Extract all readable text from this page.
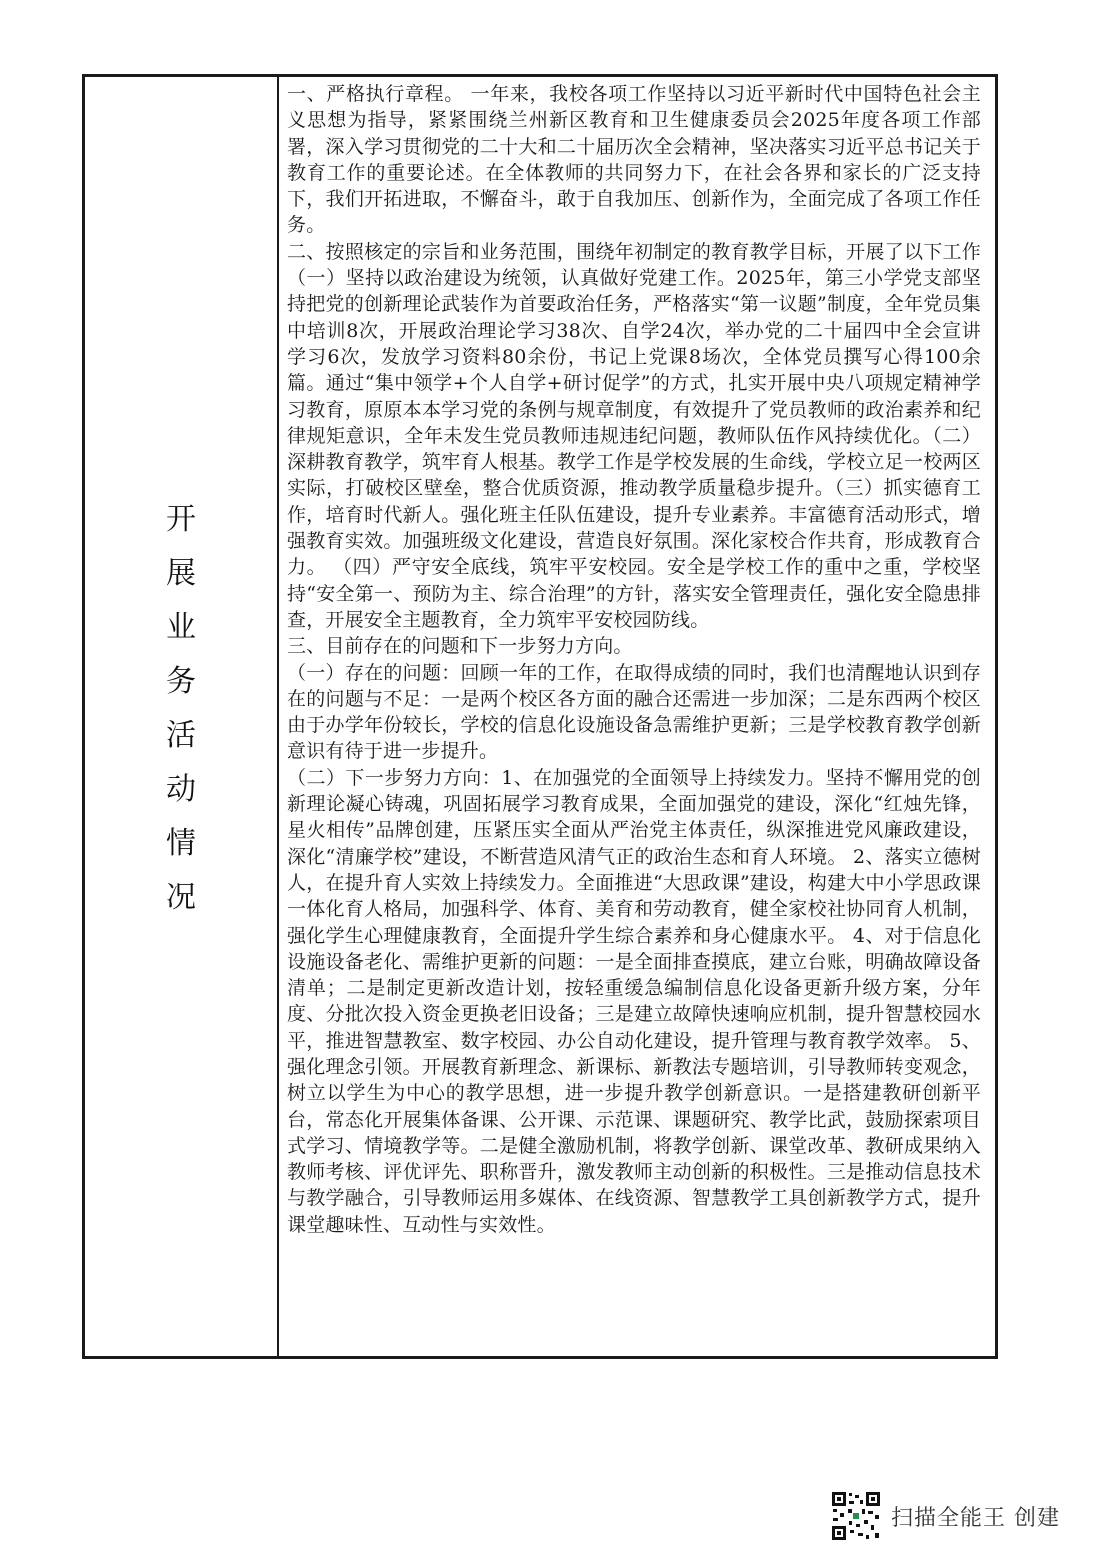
开
展
业
务
活
动
情
况

一、严格执行章程。 一年来，我校各项工作坚持以习近平新时代中国特色社会主义思想为指导，紧紧围绕兰州新区教育和卫生健康委员会2025年度各项工作部署，深入学习贯彻党的二十大和二十届历次全会精神，坚决落实习近平总书记关于教育工作的重要论述。在全体教师的共同努力下，在社会各界和家长的广泛支持下，我们开拓进取，不懈奋斗，敢于自我加压、创新作为，全面完成了各项工作任务。

二、按照核定的宗旨和业务范围，围绕年初制定的教育教学目标，开展了以下工作 （一）坚持以政治建设为统领，认真做好党建工作。2025年，第三小学党支部坚持把党的创新理论武装作为首要政治任务，严格落实“第一议题”制度，全年党员集中培训8次，开展政治理论学习38次、自学24次，举办党的二十届四中全会宣讲学习6次，发放学习资料80余份，书记上党课8场次，全体党员撰写心得100余篇。通过“集中领学+个人自学+研讨促学”的方式，扎实开展中央八项规定精神学习教育，原原本本学习党的条例与规章制度，有效提升了党员教师的政治素养和纪律规矩意识，全年未发生党员教师违规违纪问题，教师队伍作风持续优化。（二）深耕教育教学，筑牢育人根基。教学工作是学校发展的生命线，学校立足一校两区实际，打破校区壁垒，整合优质资源，推动教学质量稳步提升。（三）抓实德育工作，培育时代新人。强化班主任队伍建设，提升专业素养。丰富德育活动形式，增强教育实效。加强班级文化建设，营造良好氛围。深化家校合作共育，形成教育合力。 （四）严守安全底线，筑牢平安校园。安全是学校工作的重中之重，学校坚持“安全第一、预防为主、综合治理”的方针，落实安全管理责任，强化安全隐患排查，开展安全主题教育，全力筑牢平安校园防线。

三、目前存在的问题和下一步努力方向。

（一）存在的问题：回顾一年的工作，在取得成绩的同时，我们也清醒地认识到存在的问题与不足：一是两个校区各方面的融合还需进一步加深；二是东西两个校区由于办学年份较长，学校的信息化设施设备急需维护更新；三是学校教育教学创新意识有待于进一步提升。

（二）下一步努力方向：1、在加强党的全面领导上持续发力。坚持不懈用党的创新理论凝心铸魂，巩固拓展学习教育成果，全面加强党的建设，深化“红烛先锋，星火相传”品牌创建，压紧压实全面从严治党主体责任，纵深推进党风廉政建设，深化“清廉学校”建设，不断营造风清气正的政治生态和育人环境。 2、落实立德树人，在提升育人实效上持续发力。全面推进“大思政课”建设，构建大中小学思政课一体化育人格局，加强科学、体育、美育和劳动教育，健全家校社协同育人机制，强化学生心理健康教育，全面提升学生综合素养和身心健康水平。 4、对于信息化设施设备老化、需维护更新的问题：一是全面排查摸底，建立台账，明确故障设备清单；二是制定更新改造计划，按轻重缓急编制信息化设备更新升级方案，分年度、分批次投入资金更换老旧设备；三是建立故障快速响应机制，提升智慧校园水平，推进智慧教室、数字校园、办公自动化建设，提升管理与教育教学效率。 5、强化理念引领。开展教育新理念、新课标、新教法专题培训，引导教师转变观念，树立以学生为中心的教学思想，进一步提升教学创新意识。一是搭建教研创新平台，常态化开展集体备课、公开课、示范课、课题研究、教学比武，鼓励探索项目式学习、情境教学等。二是健全激励机制，将教学创新、课堂改革、教研成果纳入教师考核、评优评先、职称晋升，激发教师主动创新的积极性。三是推动信息技术与教学融合，引导教师运用多媒体、在线资源、智慧教学工具创新教学方式，提升课堂趣味性、互动性与实效性。

扫描全能王 创建
